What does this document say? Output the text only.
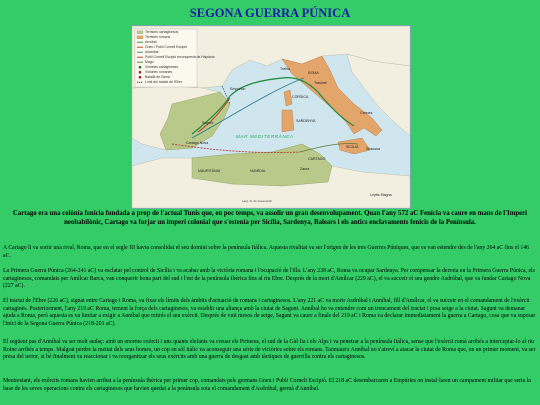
SEGONA GUERRA PÚNICA
Territoris cartaginesos
Territoris romans
Anníbal
Gneu i Publi Corneli Escipió
Asdrúbal
Publi Corneli Escipió reconquesta de Hispània
Magó
Victòries cartagineses
Victòries romanes
Batalla de Zama
Límit del tractat de l'Ebre
ROMA
CÒRSICA
SARDENYA
SICÍLIA
CARTAGO
Zama
Cannes
Trasimè
Trèbia
Sagunt
Cartago Nova
Empòrion
NUMÍDIA
MAURITÀNIA
Leptis Magna
Siracusa
MAR MEDITERRÀNEA
Larg. R. de Greenwich
Cartago era una colònia fenicia fundada a prop de l'actual Tunis que, en poc temps, va assolir un gran desenvolupament. Quan l'any 572 aC Fenícia va caure en mans de l'Imperi neobabilònic, Cartago va forjar un imperi colonial que s'estenia per Sicília, Sardenya, Balears i els antics enclavaments fenicis de la Península.

A Cartago li va sortir una rival, Roma, que en el segle III havia consolidat el seu domini sobre la península Itàlica. Aquesta rivalitat va ser l'origen de les tres Guerres Púniques, que es van estendre des de l'any 264 aC fins el 146 aC.

La Primera Guerra Púnica (264-241 aC) va esclatar pel control de Sicília i va acabar amb la victòria romana i l'ocupació de l'illa. L'any 238 aC, Roma va ocupar Sardenya. Per compensar la derrota en la Primera Guerra Púnica, els cartaginesos, comandats per Amílcar Barca, van conquerir bona part del sud i l'est de la península Ibèrica fins al riu Ebre. Després de la mort d'Amílcar (229 aC), el va succeir el seu gendre Asdrúbal, que va fundar Cartago Nova (227 aC).

El tractat de l'Ebre (226 aC), signat entre Cartago i Roma, va fixar els límits dels àmbits d'actuació de romans i cartaginesos. L'any 221 aC va morir Asdrúbal i Anníbal, fill d'Amílcar, el va succeir en el comandament de l'exèrcit cartaginès. Posteriorment, l'any 219 aC Roma, tement la força dels cartaginesos, va establir una aliança amb la ciutat de Sagunt. Anníbal ho va entendre com un trencament del tractat i posa setge a la ciutat. Sagunt va demanar ajuda a Roma, però aquesta es va limitar a exigir a Anníbal que retirés el seu exèrcit. Després de vuit mesos de setge, Sagunt va caure a finals del 219 aC i Roma va declarar immediatament la guerra a Cartago, cosa que va suposar l'inici de la Segona Guerra Púnica (218-201 aC).

El següent pas d'Anníbal va ser molt audaç: amb un enorme exèrcit i uns quants elefants va creuar els Pirineus, el sud de la Gàl·lia i els Alps i va penetrar a la península Itàlica, sense que l'exèrcit romà arribés a interceptar-lo al riu Roine arribés a temps. Malgrat perdre la meitat dels seus homes, un cop en sòl itàlic va aconseguir una sèrie de victòries sobre els romans. Tanmateix Anníbal no s'atreví a atacar la ciutat de Roma que, en un primer moment, va ser presa del terror, si bé finalment va reaccionar i va reorganitzar els seus exèrcits amb una guerra de desgast amb tàctiques de guerrilla contra els cartaginesos.

Mentrestant, els exèrcits romans havien arribat a la península Ibèrica per primer cop, comandats pels germans Gneu i Publi Corneli Escipió. El 218 aC desembarcaren a Empúries on instal·laren un campament militar que seria la base de les seves operacions contra els cartaginesos que havien quedat a la península sota el comandament d'Asdrúbal, germà d'Anníbal.
